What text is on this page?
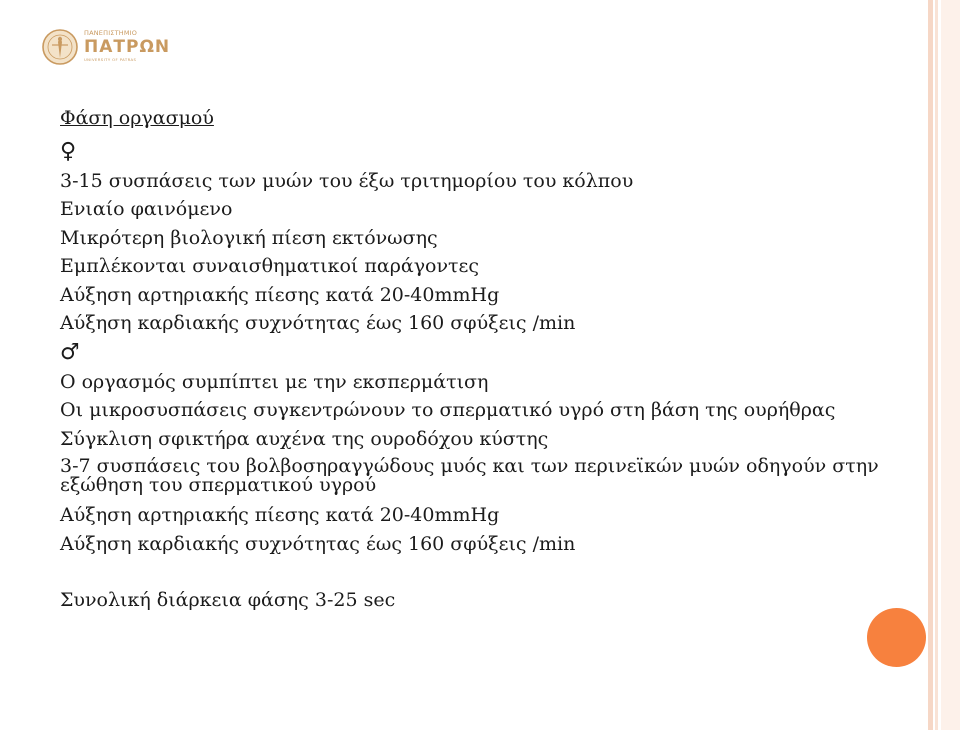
ΠΑΝΕΠΙΣΤΗΜΙΟ
ΠΑΤΡΩΝ
UNIVERSITY OF PATRAS

Φάση οργασμού

♀

3-15 συσπάσεις των μυών του έξω τριτημορίου του κόλπου

Ενιαίο φαινόμενο

Μικρότερη βιολογική πίεση εκτόνωσης

Εμπλέκονται συναισθηματικοί παράγοντες

Αύξηση αρτηριακής πίεσης κατά 20-40mmHg

Αύξηση καρδιακής συχνότητας έως 160 σφύξεις /min

♂

Ο οργασμός συμπίπτει με την εκσπερμάτιση

Οι μικροσυσπάσεις συγκεντρώνουν το σπερματικό υγρό στη βάση της ουρήθρας

Σύγκλιση σφικτήρα αυχένα της ουροδόχου κύστης

3-7 συσπάσεις του βολβοσηραγγώδους μυός και των περινεϊκών μυών οδηγούν στην εξώθηση του σπερματικού υγρού

Αύξηση αρτηριακής πίεσης κατά 20-40mmHg

Αύξηση καρδιακής συχνότητας έως 160 σφύξεις /min

Συνολική διάρκεια φάσης 3-25 sec
